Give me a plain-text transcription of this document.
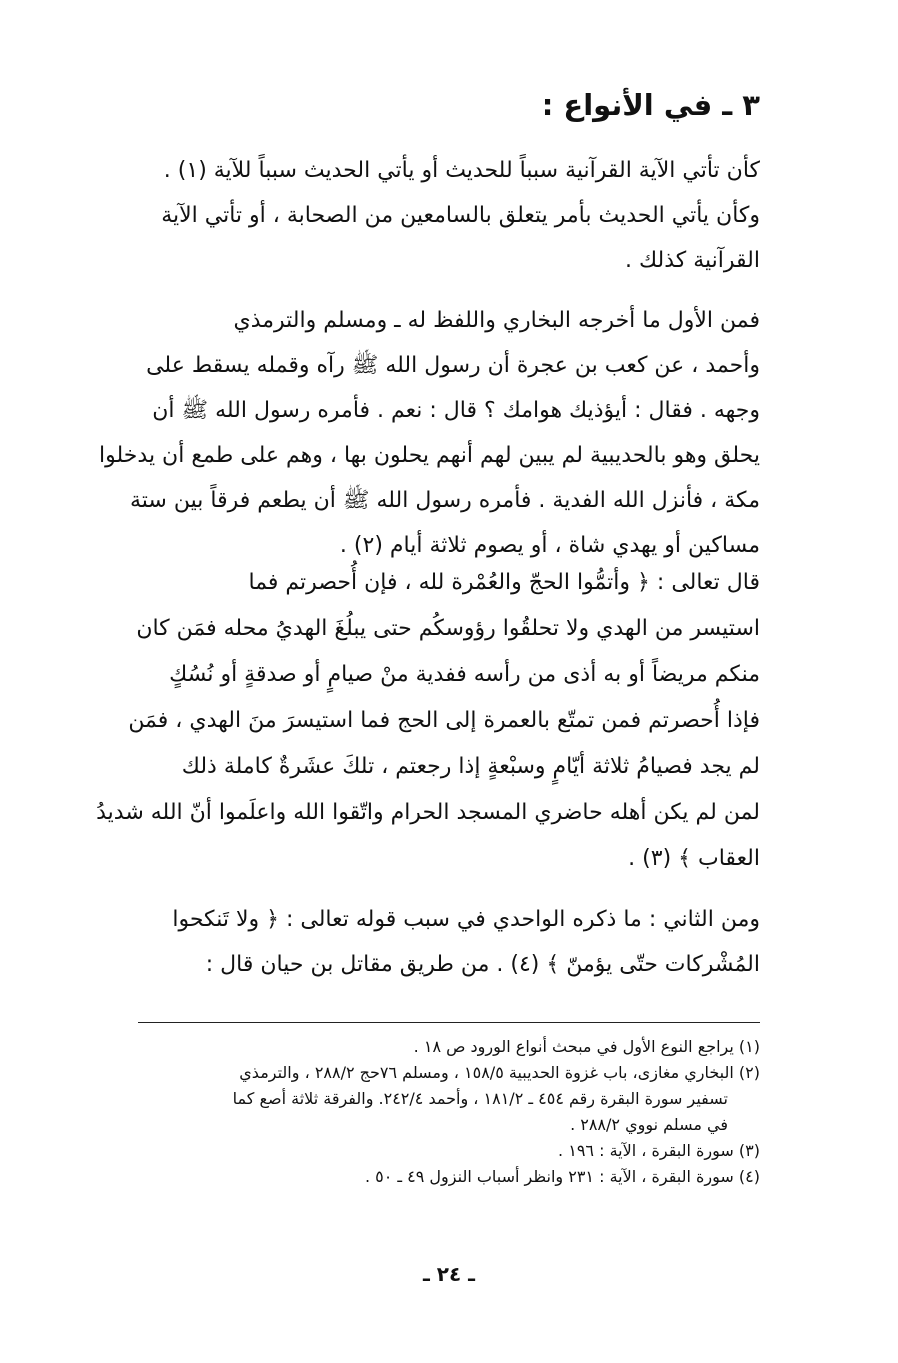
٣ ـ في الأنواع :
كأن تأتي الآية القرآنية سبباً للحديث أو يأتي الحديث سبباً للآية (١) .
وكأن يأتي الحديث بأمر يتعلق بالسامعين من الصحابة ، أو تأتي الآية
القرآنية كذلك .
فمن الأول ما أخرجه البخاري واللفظ له ـ ومسلم والترمذي
وأحمد ، عن كعب بن عجرة أن رسول الله ﷺ رآه وقمله يسقط على
وجهه . فقال : أيؤذيك هوامك ؟ قال : نعم . فأمره رسول الله ﷺ أن
يحلق وهو بالحديبية لم يبين لهم أنهم يحلون بها ، وهم على طمع أن يدخلوا
مكة ، فأنزل الله الفدية . فأمره رسول الله ﷺ أن يطعم فرقاً بين ستة
مساكين أو يهدي شاة ، أو يصوم ثلاثة أيام (٢) .
قال تعالى : ﴿ وأتمُّوا الحجّ والعُمْرة لله ، فإن أُحصرتم فما
استيسر من الهدي ولا تحلقُوا رؤوسكُم حتى يبلُغَ الهديُ محله فمَن كان
منكم مريضاً أو به أذى من رأسه ففدية منْ صيامٍ أو صدقةٍ أو نُسُكٍ
فإذا أُحصرتم فمن تمتّع بالعمرة إلى الحج فما استيسرَ منَ الهدي ، فمَن
لم يجد فصيامُ ثلاثة أيّامٍ وسبْعةٍ إذا رجعتم ، تلكَ عشَرةٌ كاملة ذلك
لمن لم يكن أهله حاضري المسجد الحرام واتّقوا الله واعلَموا أنّ الله شديدُ
العقاب ﴾ (٣) .
ومن الثاني : ما ذكره الواحدي في سبب قوله تعالى : ﴿ ولا تَنكحوا
المُشْركات حتّى يؤمنّ ﴾ (٤) . من طريق مقاتل بن حيان قال :
(١) يراجع النوع الأول في مبحث أنواع الورود ص ١٨ .
(٢) البخاري مغازى، باب غزوة الحديبية ١٥٨/٥ ، ومسلم ٧٦حج ٢٨٨/٢ ، والترمذي
تسفير سورة البقرة رقم ٤٥٤ ـ ١٨١/٢ ، وأحمد ٢٤٢/٤. والفرقة ثلاثة أصع كما
في مسلم نووي ٢٨٨/٢ .
(٣) سورة البقرة ، الآية : ١٩٦ .
(٤) سورة البقرة ، الآية : ٢٣١ وانظر أسباب النزول ٤٩ ـ ٥٠ .
ـ ٢٤ ـ
